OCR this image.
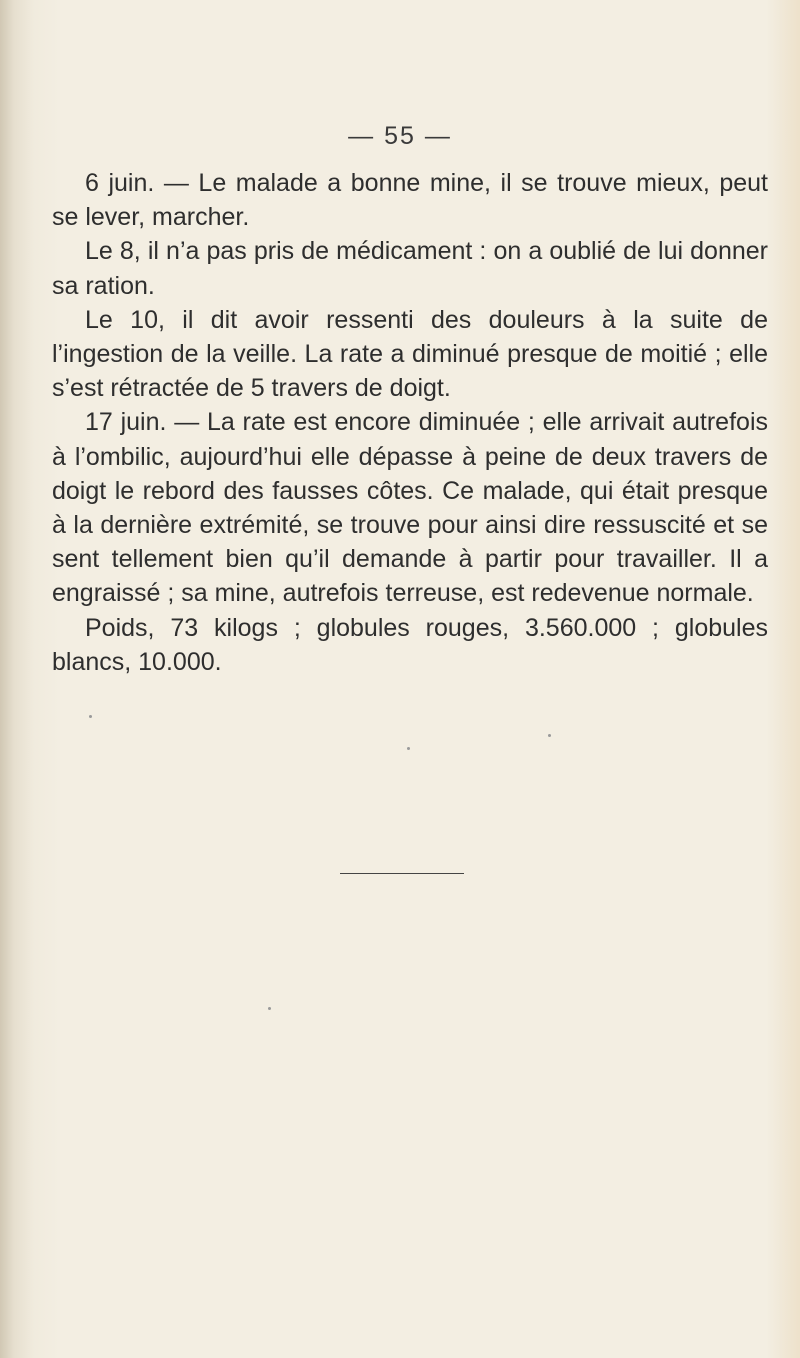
— 55 —

6 juin. — Le malade a bonne mine, il se trouve mieux, peut se lever, marcher.

Le 8, il n’a pas pris de médicament : on a oublié de lui donner sa ration.

Le 10, il dit avoir ressenti des douleurs à la suite de l’ingestion de la veille. La rate a diminué presque de moitié ; elle s’est rétractée de 5 travers de doigt.

17 juin. — La rate est encore diminuée ; elle arrivait autrefois à l’ombilic, aujourd’hui elle dépasse à peine de deux travers de doigt le rebord des fausses côtes. Ce malade, qui était presque à la dernière extrémité, se trouve pour ainsi dire ressuscité et se sent tellement bien qu’il demande à partir pour travailler. Il a engraissé ; sa mine, autrefois terreuse, est redevenue normale.

Poids, 73 kilogs ; globules rouges, 3.560.000 ; globules blancs, 10.000.
